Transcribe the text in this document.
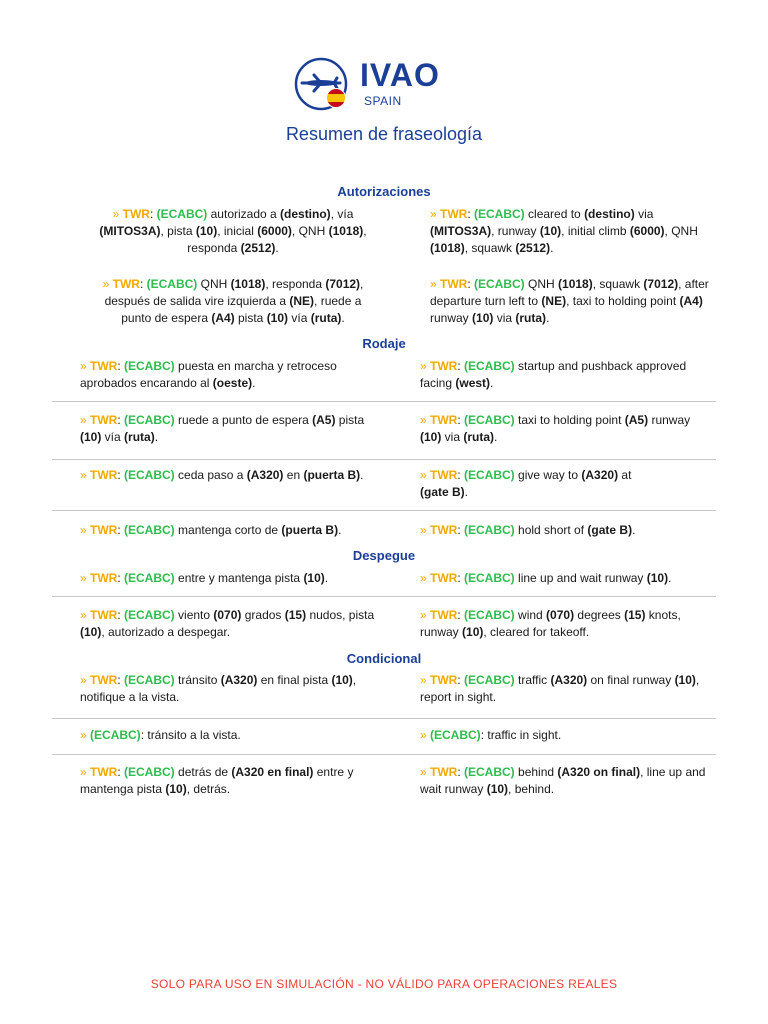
IVAO
SPAIN
Resumen de fraseología
Autorizaciones
Rodaje
Despegue
Condicional
» TWR: (ECABC) autorizado a (destino), vía (MITOS3A), pista (10), inicial (6000), QNH (1018), responda (2512).
» TWR: (ECABC) QNH (1018), responda (7012), después de salida vire izquierda a (NE), ruede a punto de espera (A4) pista (10) vía (ruta).
» TWR: (ECABC) puesta en marcha y retroceso aprobados encarando al (oeste).
» TWR: (ECABC) ruede a punto de espera (A5) pista (10) vía (ruta).
» TWR: (ECABC) ceda paso a (A320) en (puerta B).
» TWR: (ECABC) mantenga corto de (puerta B).
» TWR: (ECABC) entre y mantenga pista (10).
» TWR: (ECABC) viento (070) grados (15) nudos, pista (10), autorizado a despegar.
» TWR: (ECABC) tránsito (A320) en final pista (10), notifique a la vista.
» (ECABC): tránsito a la vista.
» TWR: (ECABC) detrás de (A320 en final) entre y mantenga pista (10), detrás.
» TWR: (ECABC) cleared to (destino) via (MITOS3A), runway (10), initial climb (6000), QNH (1018), squawk (2512).
» TWR: (ECABC) QNH (1018), squawk (7012), after departure turn left to (NE), taxi to holding point (A4) runway (10) via (ruta).
» TWR: (ECABC) startup and pushback approved facing (west).
» TWR: (ECABC) taxi to holding point (A5) runway (10) via (ruta).
» TWR: (ECABC) give way to (A320) at (gate B).
» TWR: (ECABC) hold short of (gate B).
» TWR: (ECABC) line up and wait runway (10).
» TWR: (ECABC) wind (070) degrees (15) knots, runway (10), cleared for takeoff.
» TWR: (ECABC) traffic (A320) on final runway (10), report in sight.
» (ECABC): traffic in sight.
» TWR: (ECABC) behind (A320 on final), line up and wait runway (10), behind.
SOLO PARA USO EN SIMULACIÓN - NO VÁLIDO PARA OPERACIONES REALES
